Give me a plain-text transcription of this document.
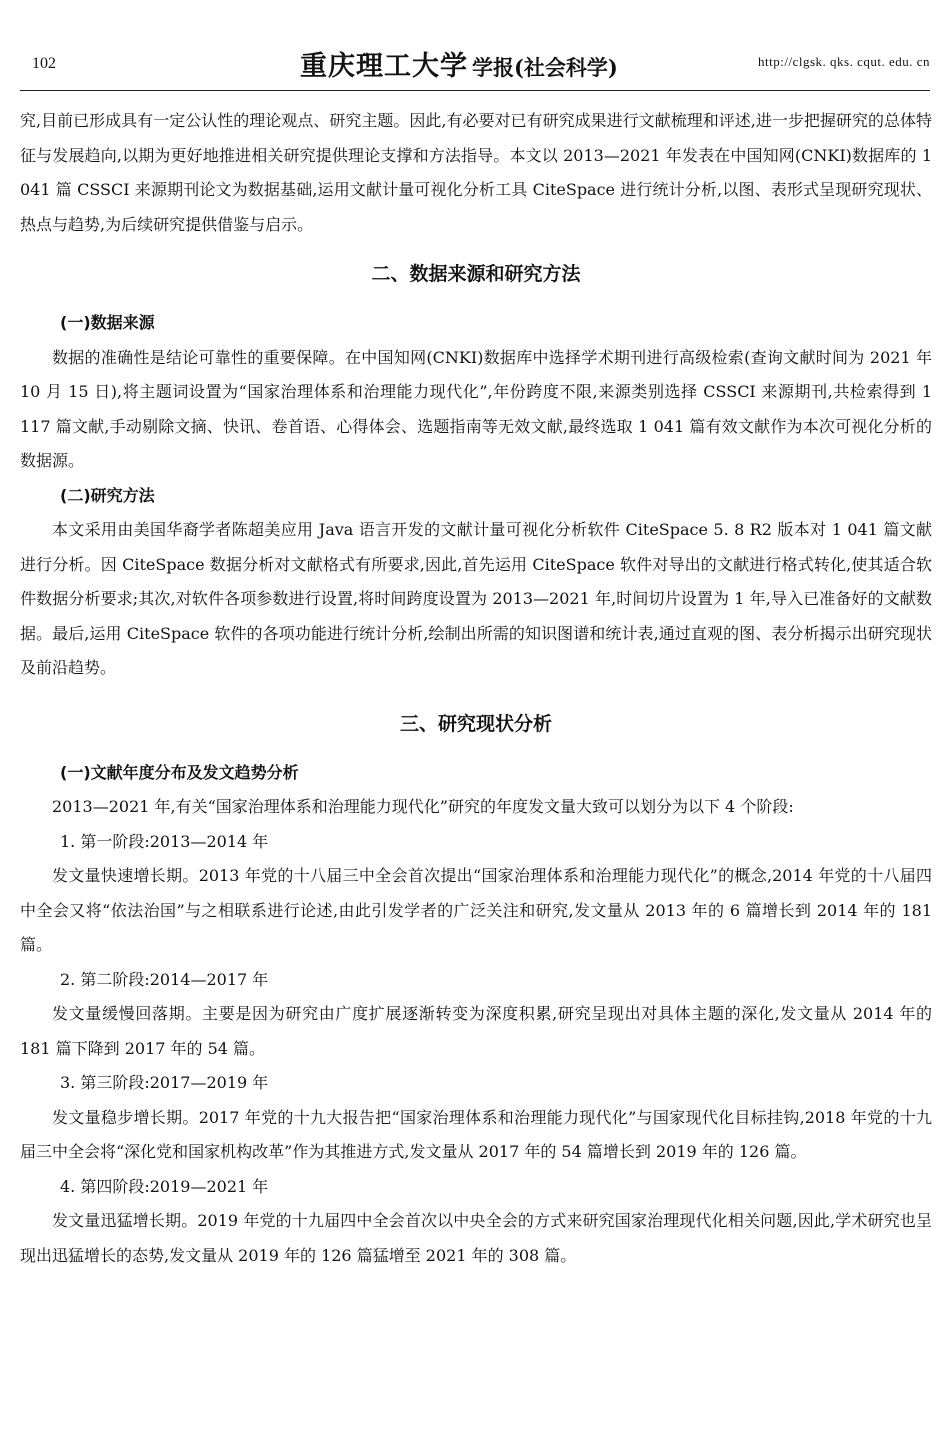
102	重庆理工大学 学报(社会科学)	http://clgsk. qks. cqut. edu. cn

究,目前已形成具有一定公认性的理论观点、研究主题。因此,有必要对已有研究成果进行文献梳理和评述,进一步把握研究的总体特征与发展趋向,以期为更好地推进相关研究提供理论支撑和方法指导。本文以 2013—2021 年发表在中国知网(CNKI)数据库的 1 041 篇 CSSCI 来源期刊论文为数据基础,运用文献计量可视化分析工具 CiteSpace 进行统计分析,以图、表形式呈现研究现状、热点与趋势,为后续研究提供借鉴与启示。

二、数据来源和研究方法
(一)数据来源

数据的准确性是结论可靠性的重要保障。在中国知网(CNKI)数据库中选择学术期刊进行高级检索(查询文献时间为 2021 年 10 月 15 日),将主题词设置为“国家治理体系和治理能力现代化”,年份跨度不限,来源类别选择 CSSCI 来源期刊,共检索得到 1 117 篇文献,手动剔除文摘、快讯、卷首语、心得体会、选题指南等无效文献,最终选取 1 041 篇有效文献作为本次可视化分析的数据源。

(二)研究方法

本文采用由美国华裔学者陈超美应用 Java 语言开发的文献计量可视化分析软件 CiteSpace 5. 8 R2 版本对 1 041 篇文献进行分析。因 CiteSpace 数据分析对文献格式有所要求,因此,首先运用 CiteSpace 软件对导出的文献进行格式转化,使其适合软件数据分析要求;其次,对软件各项参数进行设置,将时间跨度设置为 2013—2021 年,时间切片设置为 1 年,导入已准备好的文献数据。最后,运用 CiteSpace 软件的各项功能进行统计分析,绘制出所需的知识图谱和统计表,通过直观的图、表分析揭示出研究现状及前沿趋势。

三、研究现状分析
(一)文献年度分布及发文趋势分析

2013—2021 年,有关“国家治理体系和治理能力现代化”研究的年度发文量大致可以划分为以下 4 个阶段:

1. 第一阶段:2013—2014 年

发文量快速增长期。2013 年党的十八届三中全会首次提出“国家治理体系和治理能力现代化”的概念,2014 年党的十八届四中全会又将“依法治国”与之相联系进行论述,由此引发学者的广泛关注和研究,发文量从 2013 年的 6 篇增长到 2014 年的 181 篇。

2. 第二阶段:2014—2017 年

发文量缓慢回落期。主要是因为研究由广度扩展逐渐转变为深度积累,研究呈现出对具体主题的深化,发文量从 2014 年的 181 篇下降到 2017 年的 54 篇。

3. 第三阶段:2017—2019 年

发文量稳步增长期。2017 年党的十九大报告把“国家治理体系和治理能力现代化”与国家现代化目标挂钩,2018 年党的十九届三中全会将“深化党和国家机构改革”作为其推进方式,发文量从 2017 年的 54 篇增长到 2019 年的 126 篇。

4. 第四阶段:2019—2021 年

发文量迅猛增长期。2019 年党的十九届四中全会首次以中央全会的方式来研究国家治理现代化相关问题,因此,学术研究也呈现出迅猛增长的态势,发文量从 2019 年的 126 篇猛增至 2021 年的 308 篇。
